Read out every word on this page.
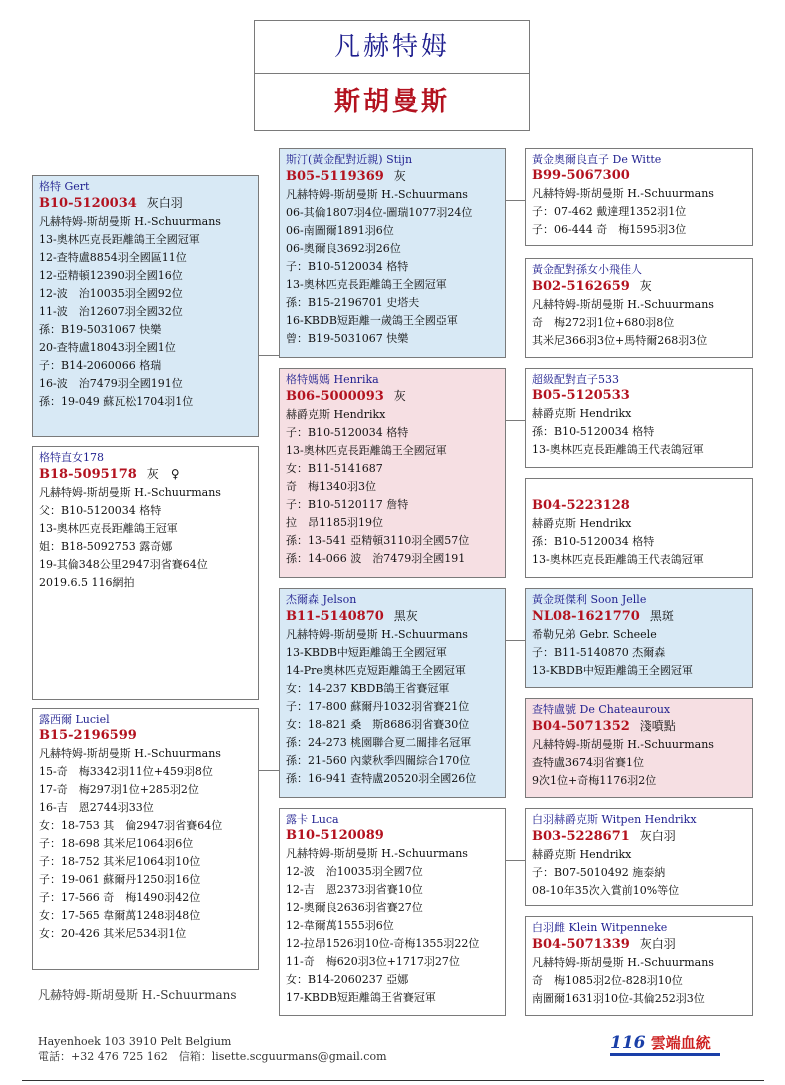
凡赫特姆
斯胡曼斯
格特 Gert
B10-5120034 灰白羽
凡赫特姆-斯胡曼斯 H.-Schuurmans
13-奧林匹克長距離鴿王全國冠軍
12-查特盧8854羽全國區11位
12-亞精頓12390羽全國16位
12-波　治10035羽全國92位
11-波　治12607羽全國32位
孫：B19-5031067 快樂
20-查特盧18043羽全國1位
子：B14-2060066 格瑞
16-波　治7479羽全國191位
孫：19-049 蘇瓦松1704羽1位
格特直女178
B18-5095178 灰 ♀
凡赫特姆-斯胡曼斯 H.-Schuurmans
父：B10-5120034 格特
13-奧林匹克長距離鴿王冠軍
姐：B18-5092753 露奇娜
19-其倫348公里2947羽省賽64位
2019.6.5 116網拍
露西爾 Luciel
B15-2196599
凡赫特姆-斯胡曼斯 H.-Schuurmans
15-奇　梅3342羽11位+459羽8位
17-奇　梅297羽1位+285羽2位
16-吉　恩2744羽33位
女：18-753 其　倫2947羽省賽64位
子：18-698 其米尼1064羽6位
子：18-752 其米尼1064羽10位
子：19-061 蘇爾丹1250羽16位
子：17-566 奇　梅1490羽42位
女：17-565 韋爾萬1248羽48位
女：20-426 其米尼534羽1位
斯汀(黃金配對近親) Stijn
B05-5119369 灰
凡赫特姆-斯胡曼斯 H.-Schuurmans
06-其倫1807羽4位-圖瑞1077羽24位
06-南圖爾1891羽6位
06-奧爾良3692羽26位
子：B10-5120034 格特
13-奧林匹克長距離鴿王全國冠軍
孫：B15-2196701 史塔夫
16-KBDB短距離一歲鴿王全國亞軍
曾：B19-5031067 快樂
格特媽媽 Henrika
B06-5000093 灰
赫爵克斯 Hendrikx
子：B10-5120034 格特
13-奧林匹克長距離鴿王全國冠軍
女：B11-5141687
奇　梅1340羽3位
子：B10-5120117 詹特
拉　昂1185羽19位
孫：13-541 亞精頓3110羽全國57位
孫：14-066 波　治7479羽全國191
杰爾森 Jelson
B11-5140870 黑灰
凡赫特姆-斯胡曼斯 H.-Schuurmans
13-KBDB中短距離鴿王全國冠軍
14-Pre奧林匹克短距離鴿王全國冠軍
女：14-237 KBDB鴿王省賽冠軍
子：17-800 蘇爾丹1032羽省賽21位
女：18-821 桑　斯8686羽省賽30位
孫：24-273 桃園聯合夏二關排名冠軍
孫：21-560 內蒙秋季四關綜合170位
孫：16-941 查特盧20520羽全國26位
露卡 Luca
B10-5120089
凡赫特姆-斯胡曼斯 H.-Schuurmans
12-波　治10035羽全國7位
12-吉　恩2373羽省賽10位
12-奧爾良2636羽省賽27位
12-韋爾萬1555羽6位
12-拉昂1526羽10位-奇梅1355羽22位
11-奇　梅620羽3位+1717羽27位
女：B14-2060237 亞娜
17-KBDB短距離鴿王省賽冠軍
黃金奧爾良直子 De Witte
B99-5067300
凡赫特姆-斯胡曼斯 H.-Schuurmans
子：07-462 戴達理1352羽1位
子：06-444 奇　梅1595羽3位
黃金配對孫女小飛佳人
B02-5162659 灰
凡赫特姆-斯胡曼斯 H.-Schuurmans
奇　梅272羽1位+680羽8位
其米尼366羽3位+馬特爾268羽3位
超級配對直子533
B05-5120533
赫爵克斯 Hendrikx
孫：B10-5120034 格特
13-奧林匹克長距離鴿王代表鴿冠軍
B04-5223128
赫爵克斯 Hendrikx
孫：B10-5120034 格特
13-奧林匹克長距離鴿王代表鴿冠軍
黃金斑傑利 Soon Jelle
NL08-1621770 黑斑
希勒兄弟 Gebr. Scheele
子：B11-5140870 杰爾森
13-KBDB中短距離鴿王全國冠軍
查特盧號 De Chateauroux
B04-5071352 淺噴點
凡赫特姆-斯胡曼斯 H.-Schuurmans
查特盧3674羽省賽1位
9次1位+奇梅1176羽2位
白羽赫爵克斯 Witpen Hendrikx
B03-5228671 灰白羽
赫爵克斯 Hendrikx
子：B07-5010492 施泰納
08-10年35次入賞前10%等位
白羽雌 Klein Witpenneke
B04-5071339 灰白羽
凡赫特姆-斯胡曼斯 H.-Schuurmans
奇　梅1085羽2位-828羽10位
南圖爾1631羽10位-其倫252羽3位
凡赫特姆-斯胡曼斯 H.-Schuurmans
Hayenhoek 103 3910 Pelt Belgium
電話：+32 476 725 162　信箱：lisette.scguurmans@gmail.com
116 雲端血統
